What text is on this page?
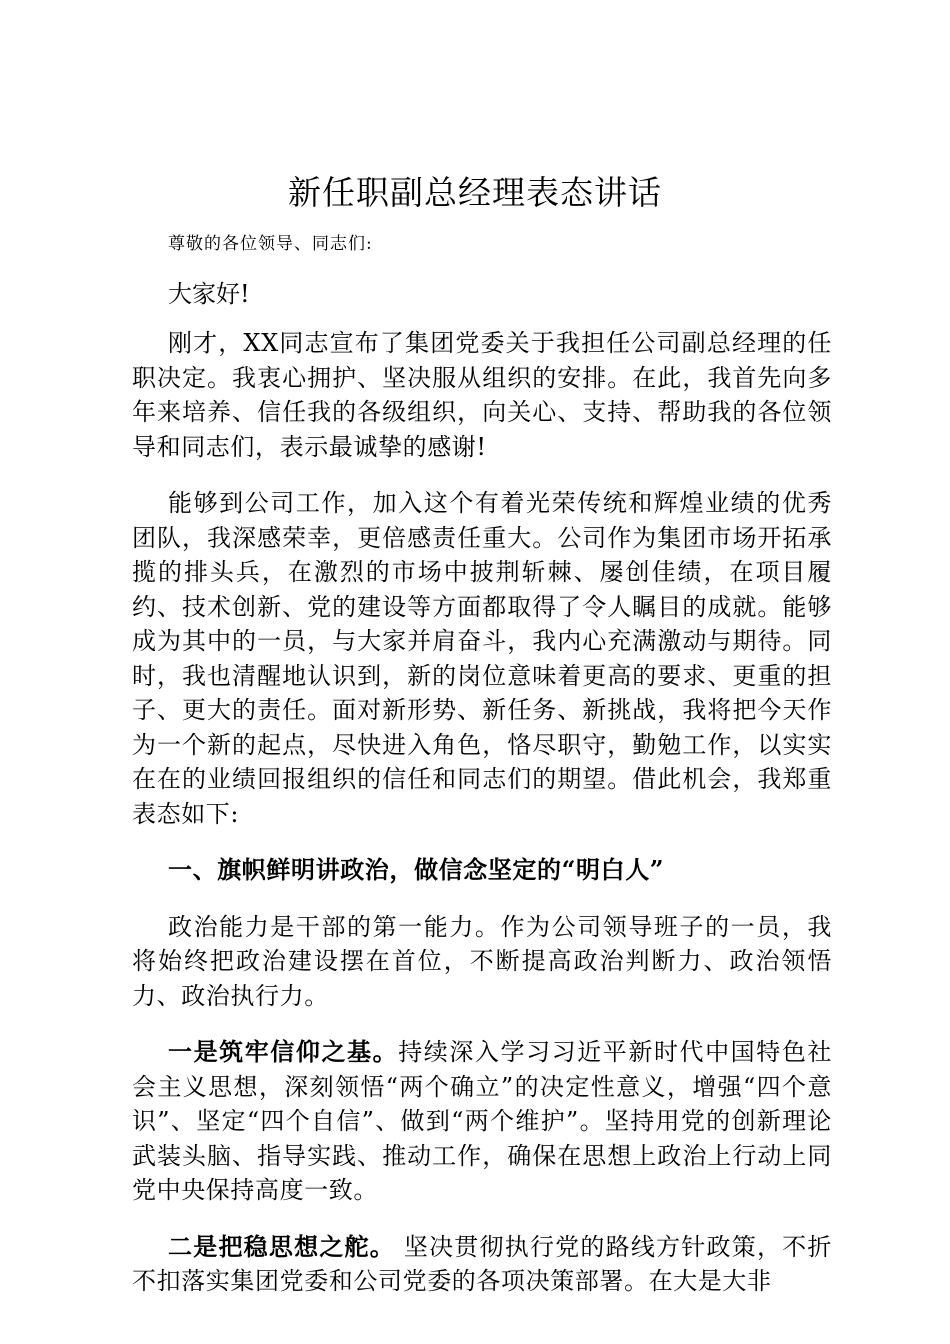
新任职副总经理表态讲话
尊敬的各位领导、同志们:
大家好!

刚才，XX同志宣布了集团党委关于我担任公司副总经理的任职决定。我衷心拥护、坚决服从组织的安排。在此，我首先向多年来培养、信任我的各级组织，向关心、支持、帮助我的各位领导和同志们，表示最诚挚的感谢!

能够到公司工作，加入这个有着光荣传统和辉煌业绩的优秀团队，我深感荣幸，更倍感责任重大。公司作为集团市场开拓承揽的排头兵，在激烈的市场中披荆斩棘、屡创佳绩，在项目履约、技术创新、党的建设等方面都取得了令人瞩目的成就。能够成为其中的一员，与大家并肩奋斗，我内心充满激动与期待。同时，我也清醒地认识到，新的岗位意味着更高的要求、更重的担子、更大的责任。面对新形势、新任务、新挑战，我将把今天作为一个新的起点，尽快进入角色，恪尽职守，勤勉工作，以实实在在的业绩回报组织的信任和同志们的期望。借此机会，我郑重表态如下:

一、旗帜鲜明讲政治，做信念坚定的“明白人”

政治能力是干部的第一能力。作为公司领导班子的一员，我将始终把政治建设摆在首位，不断提高政治判断力、政治领悟力、政治执行力。

一是筑牢信仰之基。持续深入学习习近平新时代中国特色社会主义思想，深刻领悟“两个确立”的决定性意义，增强“四个意识”、坚定“四个自信”、做到“两个维护”。坚持用党的创新理论武装头脑、指导实践、推动工作，确保在思想上政治上行动上同党中央保持高度一致。

二是把稳思想之舵。 坚决贯彻执行党的路线方针政策，不折不扣落实集团党委和公司党委的各项决策部署。在大是大非
